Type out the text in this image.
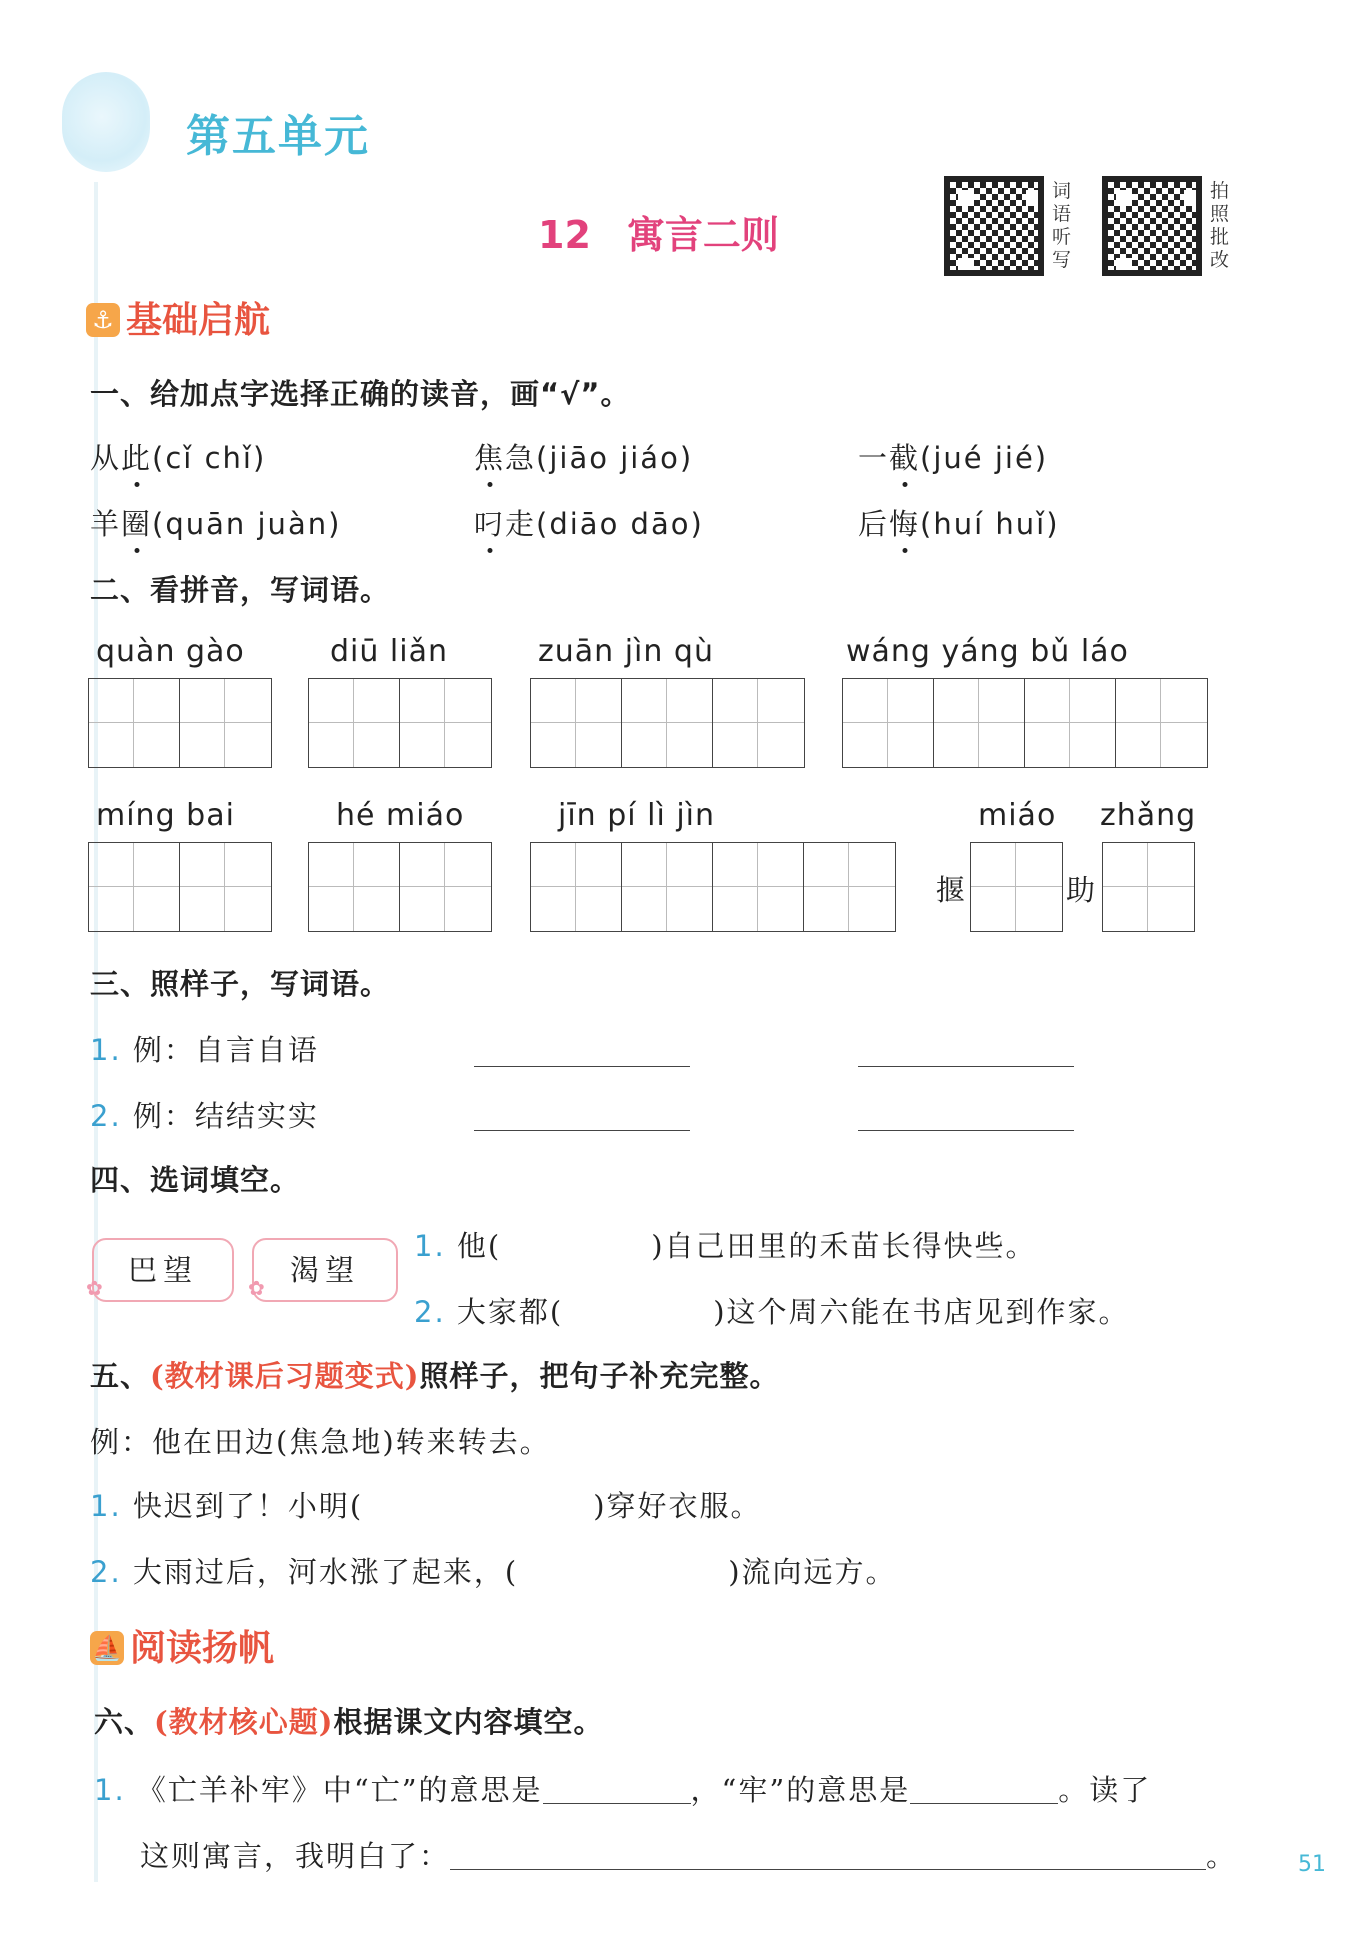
第五单元
12 寓言二则
词语听写
拍照批改
⚓ 基础启航
一、给加点字选择正确的读音，画“√”。
从此(cǐ chǐ)	焦急(jiāo jiáo)	一截(jué jié)
羊圈(quān juàn)	叼走(diāo dāo)	后悔(huí huǐ)
二、看拼音，写词语。
quàn gào	diū liǎn	zuān jìn qù	wáng yáng bǔ láo
míng bai	hé miáo	jīn pí lì jìn	miáo zhǎng
揠	助
三、照样子，写词语。
1. 例：自言自语
2. 例：结结实实
四、选词填空。
巴望
✿
渴望
✿
1. 他(	)自己田里的禾苗长得快些。
2. 大家都(	)这个周六能在书店见到作家。
五、(教材课后习题变式)照样子，把句子补充完整。
例：他在田边(焦急地)转来转去。
1. 快迟到了！小明(	)穿好衣服。
2. 大雨过后，河水涨了起来，(	)流向远方。
⛵ 阅读扬帆
六、(教材核心题)根据课文内容填空。
1. 《亡羊补牢》中“亡”的意思是	，“牢”的意思是	。读了
这则寓言，我明白了：	。	51
